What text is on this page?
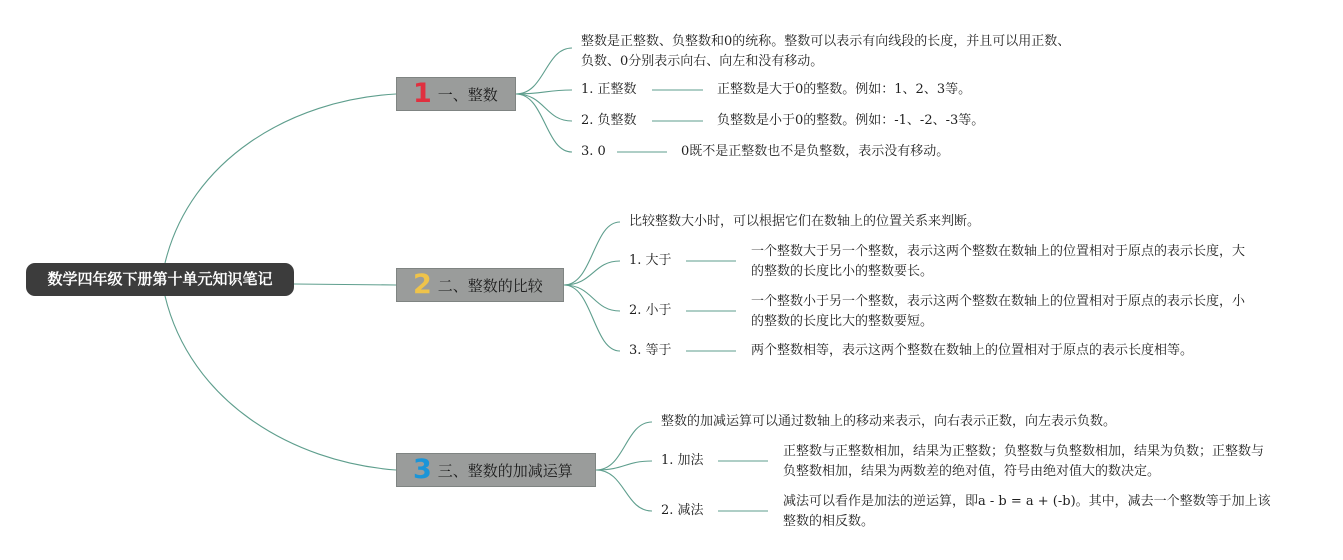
数学四年级下册第十单元知识笔记
1 一、整数
整数是正整数、负整数和0的统称。整数可以表示有向线段的长度，并且可以用正数、负数、0分别表示向右、向左和没有移动。
1. 正整数	正整数是大于0的整数。例如：1、2、3等。
2. 负整数	负整数是小于0的整数。例如：-1、-2、-3等。
3. 0	0既不是正整数也不是负整数，表示没有移动。
2 二、整数的比较
比较整数大小时，可以根据它们在数轴上的位置关系来判断。
1. 大于
一个整数大于另一个整数，表示这两个整数在数轴上的位置相对于原点的表示长度，大的整数的长度比小的整数要长。
2. 小于
一个整数小于另一个整数，表示这两个整数在数轴上的位置相对于原点的表示长度，小的整数的长度比大的整数要短。
3. 等于	两个整数相等，表示这两个整数在数轴上的位置相对于原点的表示长度相等。
3 三、整数的加减运算
整数的加减运算可以通过数轴上的移动来表示，向右表示正数，向左表示负数。
1. 加法
正整数与正整数相加，结果为正整数；负整数与负整数相加，结果为负数；正整数与负整数相加，结果为两数差的绝对值，符号由绝对值大的数决定。
2. 减法
减法可以看作是加法的逆运算，即a - b = a + (-b)。其中，减去一个整数等于加上该整数的相反数。
